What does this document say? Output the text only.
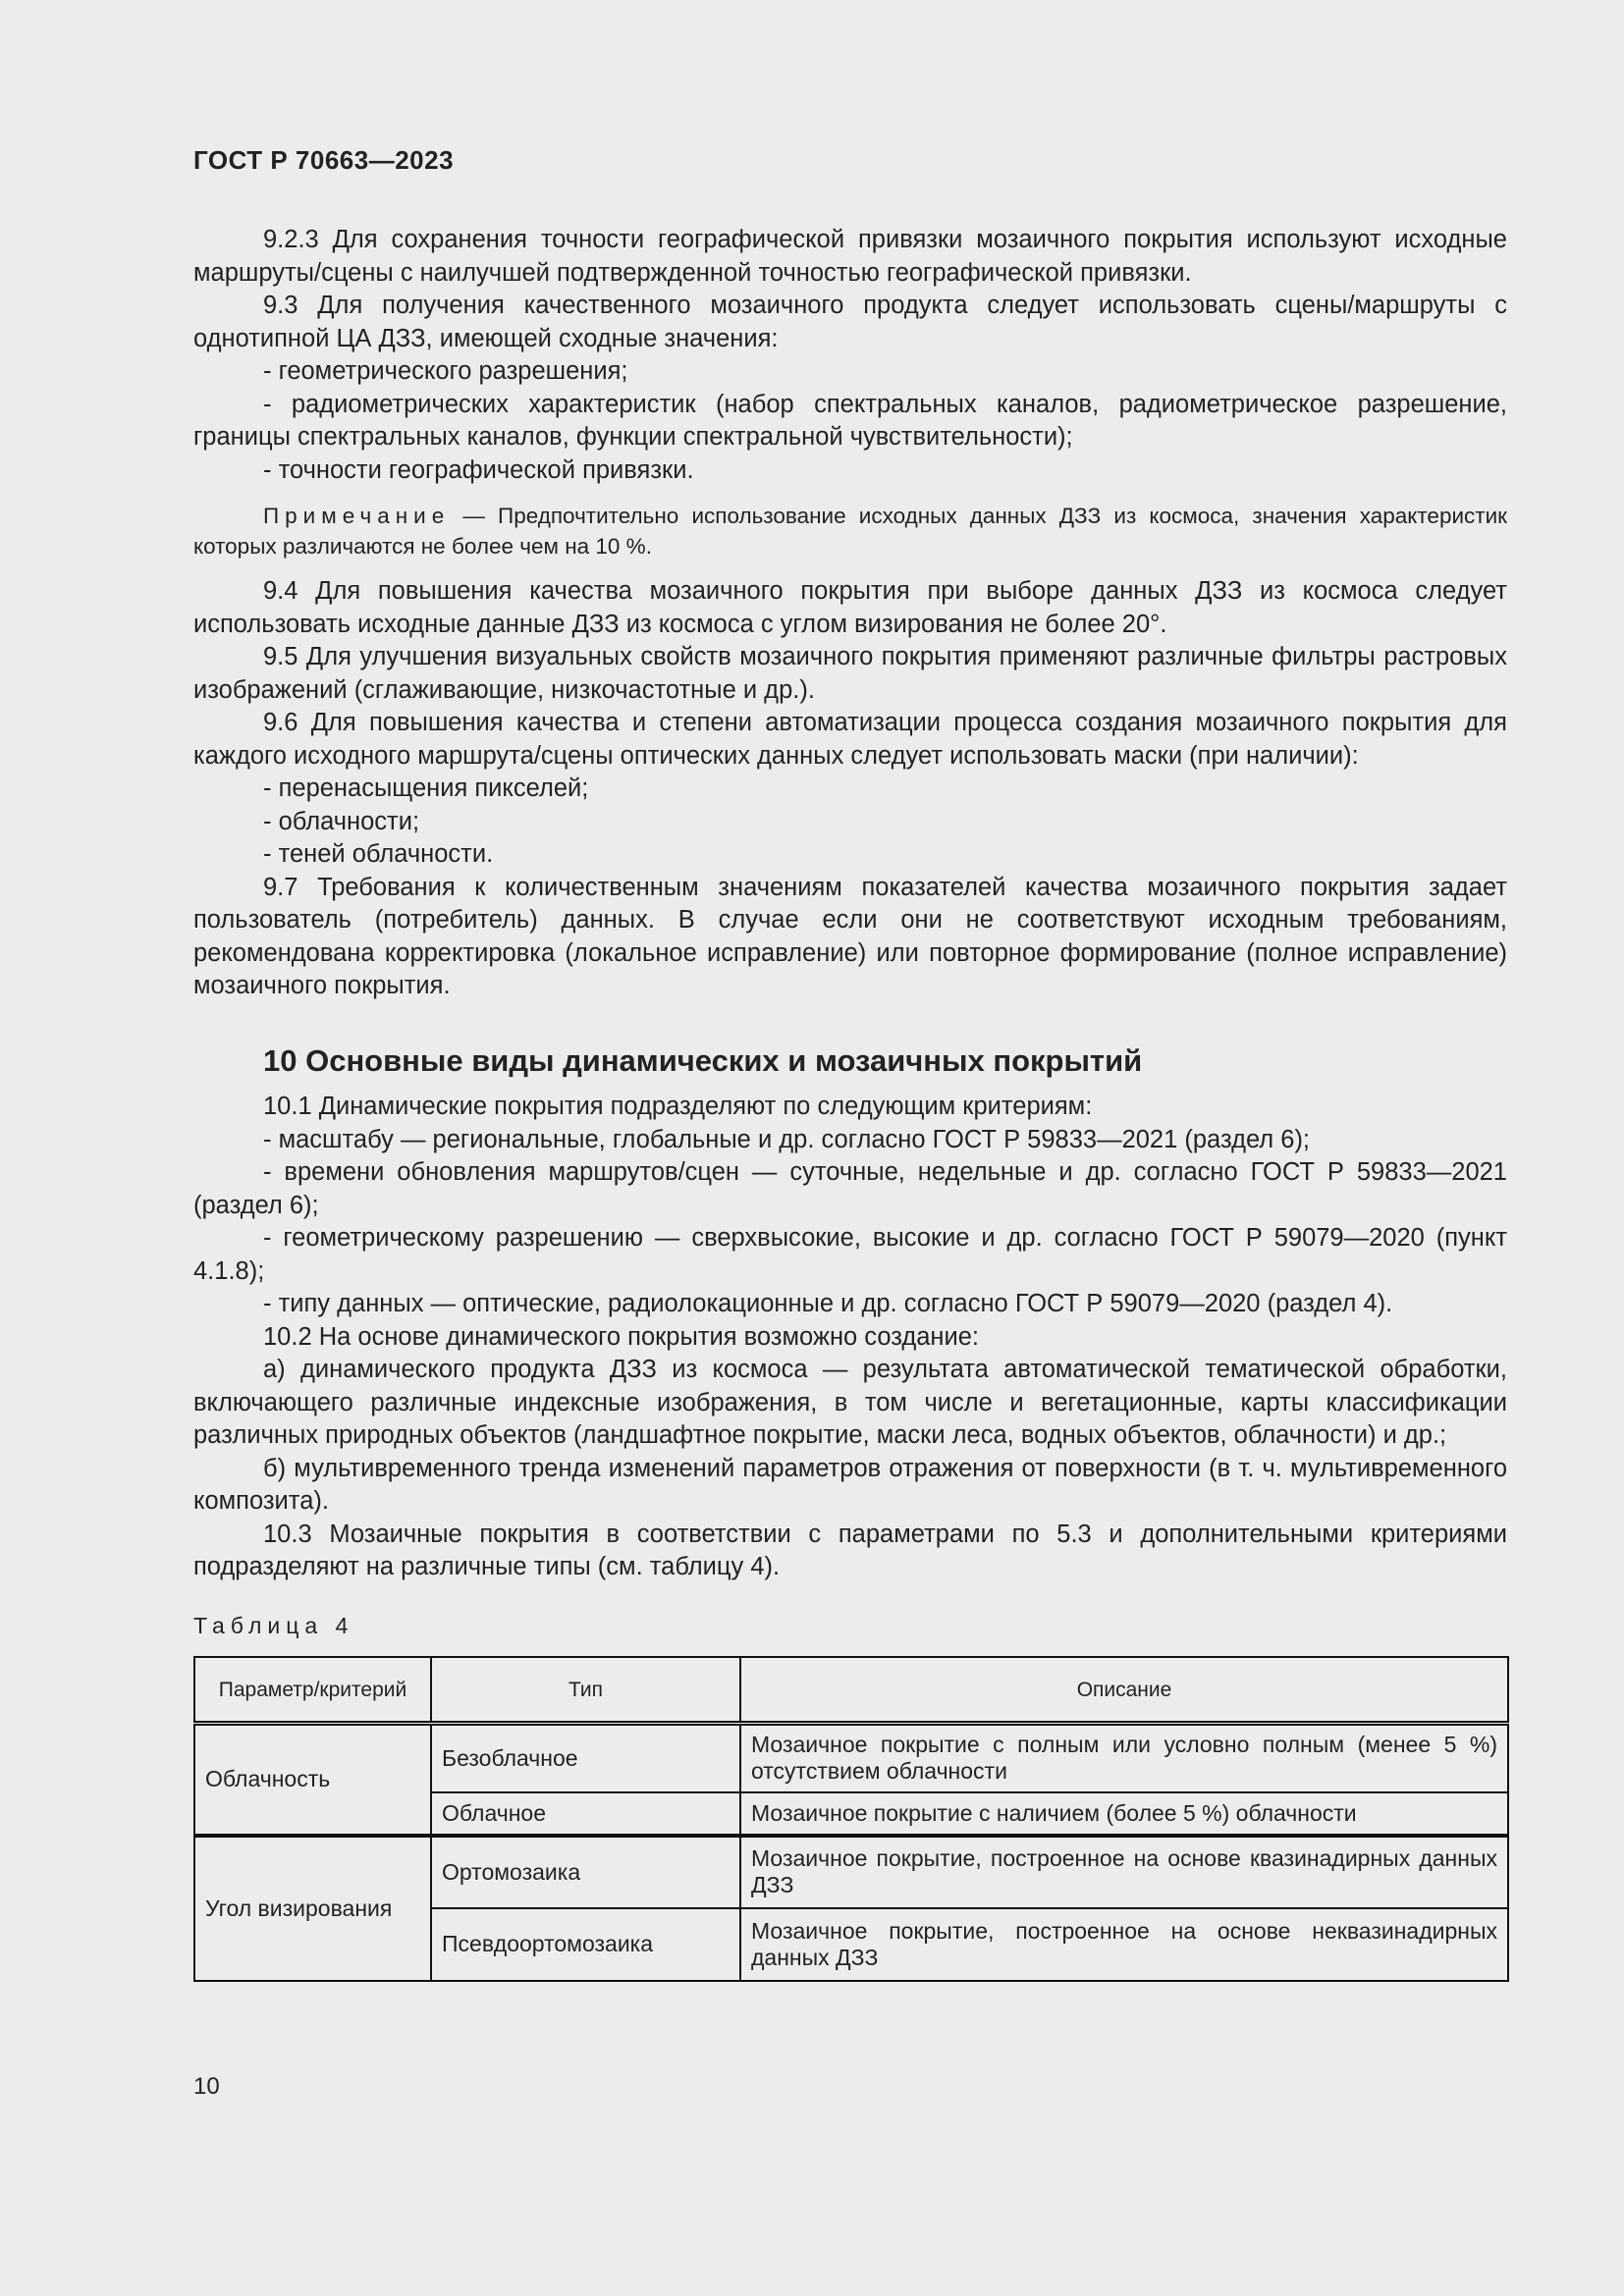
ГОСТ Р 70663—2023

9.2.3 Для сохранения точности географической привязки мозаичного покрытия используют исходные маршруты/сцены с наилучшей подтвержденной точностью географической привязки.

9.3 Для получения качественного мозаичного продукта следует использовать сцены/маршруты с однотипной ЦА ДЗЗ, имеющей сходные значения:

- геометрического разрешения;

- радиометрических характеристик (набор спектральных каналов, радиометрическое разрешение, границы спектральных каналов, функции спектральной чувствительности);

- точности географической привязки.

Примечание — Предпочтительно использование исходных данных ДЗЗ из космоса, значения характеристик которых различаются не более чем на 10 %.

9.4 Для повышения качества мозаичного покрытия при выборе данных ДЗЗ из космоса следует использовать исходные данные ДЗЗ из космоса с углом визирования не более 20°.

9.5 Для улучшения визуальных свойств мозаичного покрытия применяют различные фильтры растровых изображений (сглаживающие, низкочастотные и др.).

9.6 Для повышения качества и степени автоматизации процесса создания мозаичного покрытия для каждого исходного маршрута/сцены оптических данных следует использовать маски (при наличии):

- перенасыщения пикселей;

- облачности;

- теней облачности.

9.7 Требования к количественным значениям показателей качества мозаичного покрытия задает пользователь (потребитель) данных. В случае если они не соответствуют исходным требованиям, рекомендована корректировка (локальное исправление) или повторное формирование (полное исправление) мозаичного покрытия.

10 Основные виды динамических и мозаичных покрытий

10.1 Динамические покрытия подразделяют по следующим критериям:

- масштабу — региональные, глобальные и др. согласно ГОСТ Р 59833—2021 (раздел 6);

- времени обновления маршрутов/сцен — суточные, недельные и др. согласно ГОСТ Р 59833—2021 (раздел 6);

- геометрическому разрешению — сверхвысокие, высокие и др. согласно ГОСТ Р 59079—2020 (пункт 4.1.8);

- типу данных — оптические, радиолокационные и др. согласно ГОСТ Р 59079—2020 (раздел 4).

10.2 На основе динамического покрытия возможно создание:

а) динамического продукта ДЗЗ из космоса — результата автоматической тематической обработки, включающего различные индексные изображения, в том числе и вегетационные, карты классификации различных природных объектов (ландшафтное покрытие, маски леса, водных объектов, облачности) и др.;

б) мультивременного тренда изменений параметров отражения от поверхности (в т. ч. мультивременного композита).

10.3 Мозаичные покрытия в соответствии с параметрами по 5.3 и дополнительными критериями подразделяют на различные типы (см. таблицу 4).

Таблица 4
Параметр/критерий	Тип	Описание
Облачность	Безоблачное	Мозаичное покрытие с полным или условно полным (менее 5 %) отсутствием облачности
	Облачное	Мозаичное покрытие с наличием (более 5 %) облачности
Угол визирования	Ортомозаика	Мозаичное покрытие, построенное на основе квазинадирных данных ДЗЗ
	Псевдоортомозаика	Мозаичное покрытие, построенное на основе неквазинадирных данных ДЗЗ
10
